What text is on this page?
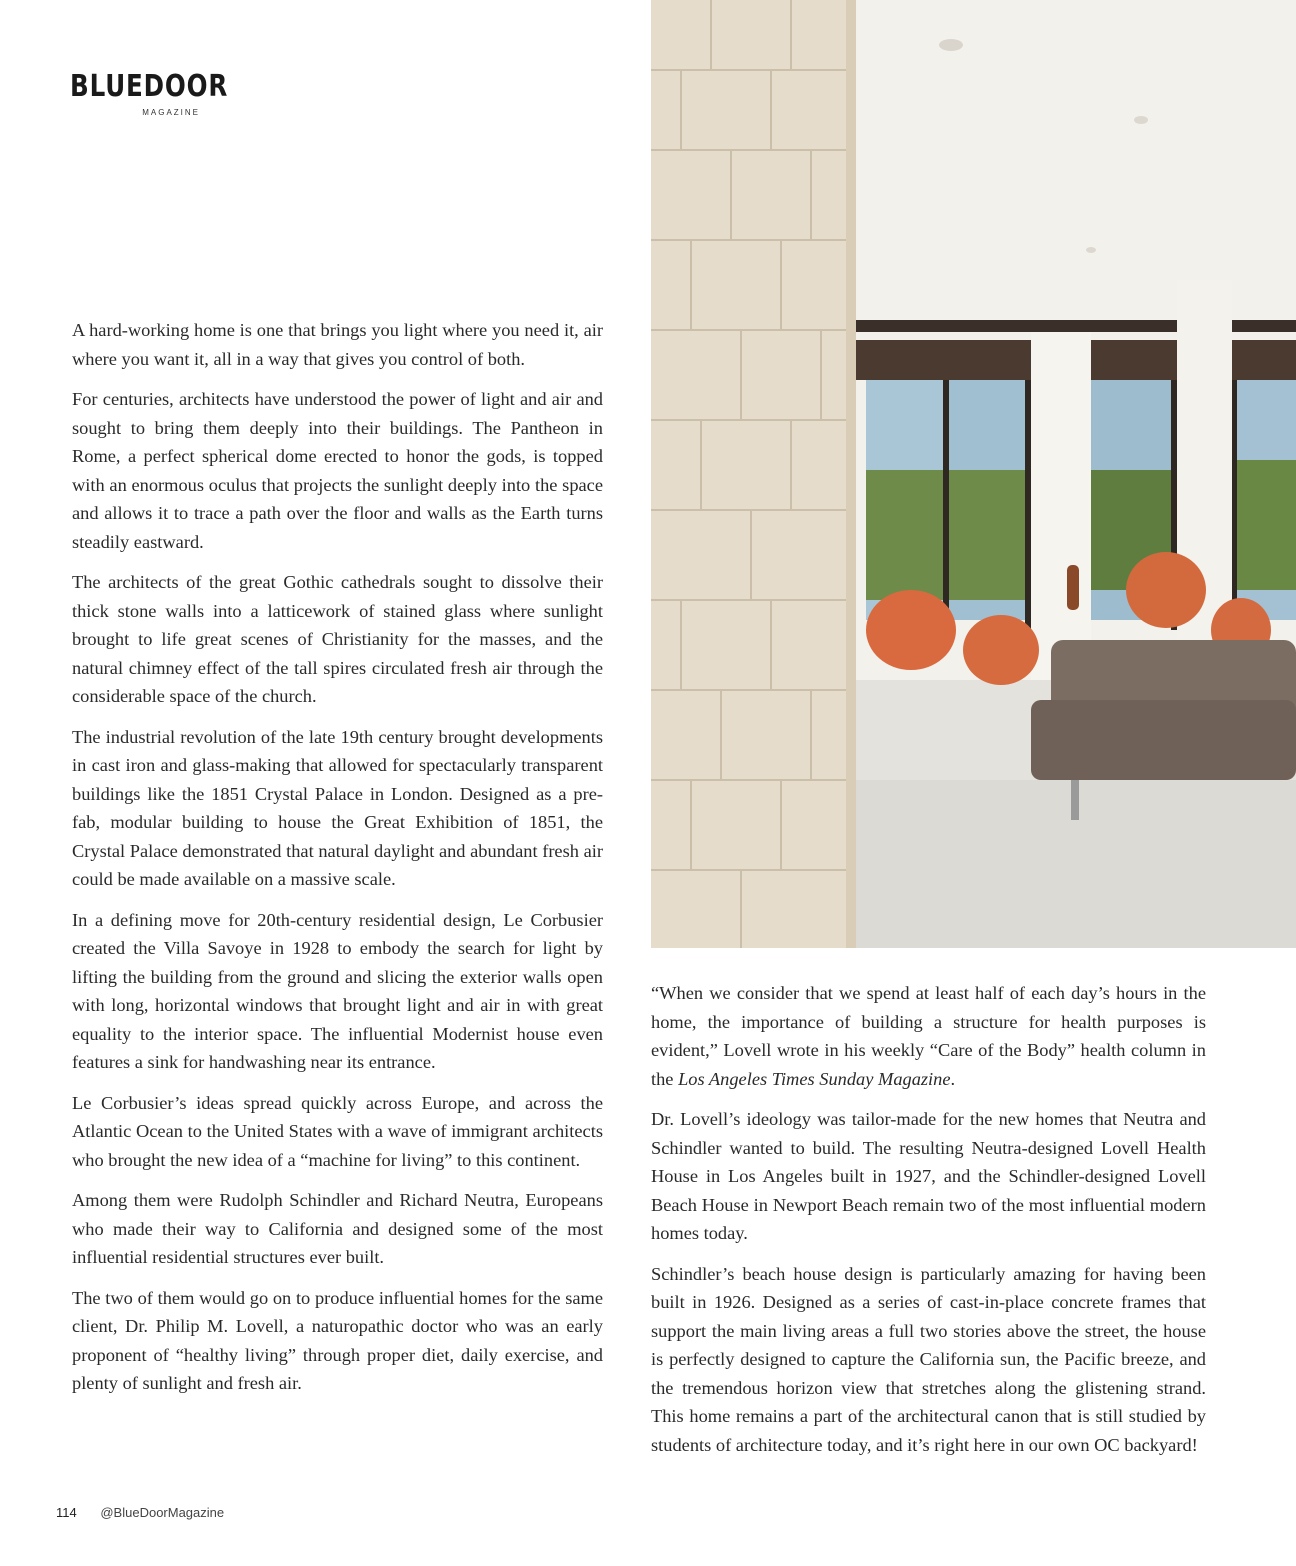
BLUEDOOR
MAGAZINE

A hard-working home is one that brings you light where you need it, air where you want it, all in a way that gives you control of both.

For centuries, architects have understood the power of light and air and sought to bring them deeply into their buildings. The Pantheon in Rome, a perfect spherical dome erected to honor the gods, is topped with an enormous oculus that projects the sunlight deeply into the space and allows it to trace a path over the floor and walls as the Earth turns steadily eastward.

The architects of the great Gothic cathedrals sought to dissolve their thick stone walls into a latticework of stained glass where sunlight brought to life great scenes of Christianity for the masses, and the natural chimney effect of the tall spires circulated fresh air through the considerable space of the church.

The industrial revolution of the late 19th century brought developments in cast iron and glass-making that allowed for spectacularly transparent buildings like the 1851 Crystal Palace in London. Designed as a pre-fab, modular building to house the Great Exhibition of 1851, the Crystal Palace demonstrated that natural daylight and abundant fresh air could be made available on a massive scale.

In a defining move for 20th-century residential design, Le Corbusier created the Villa Savoye in 1928 to embody the search for light by lifting the building from the ground and slicing the exterior walls open with long, horizontal windows that brought light and air in with great equality to the interior space. The influential Modernist house even features a sink for handwashing near its entrance.

Le Corbusier’s ideas spread quickly across Europe, and across the Atlantic Ocean to the United States with a wave of immigrant architects who brought the new idea of a “machine for living” to this continent.

Among them were Rudolph Schindler and Richard Neutra, Europeans who made their way to California and designed some of the most influential residential structures ever built.

The two of them would go on to produce influential homes for the same client, Dr. Philip M. Lovell, a naturopathic doctor who was an early proponent of “healthy living” through proper diet, daily exercise, and plenty of sunlight and fresh air.

“When we consider that we spend at least half of each day’s hours in the home, the importance of building a structure for health purposes is evident,” Lovell wrote in his weekly “Care of the Body” health column in the Los Angeles Times Sunday Magazine.

Dr. Lovell’s ideology was tailor-made for the new homes that Neutra and Schindler wanted to build. The resulting Neutra-designed Lovell Health House in Los Angeles built in 1927, and the Schindler-designed Lovell Beach House in Newport Beach remain two of the most influential modern homes today.

Schindler’s beach house design is particularly amazing for having been built in 1926. Designed as a series of cast-in-place concrete frames that support the main living areas a full two stories above the street, the house is perfectly designed to capture the California sun, the Pacific breeze, and the tremendous horizon view that stretches along the glistening strand. This home remains a part of the architectural canon that is still studied by students of architecture today, and it’s right here in our own OC backyard!

114 @BlueDoorMagazine
